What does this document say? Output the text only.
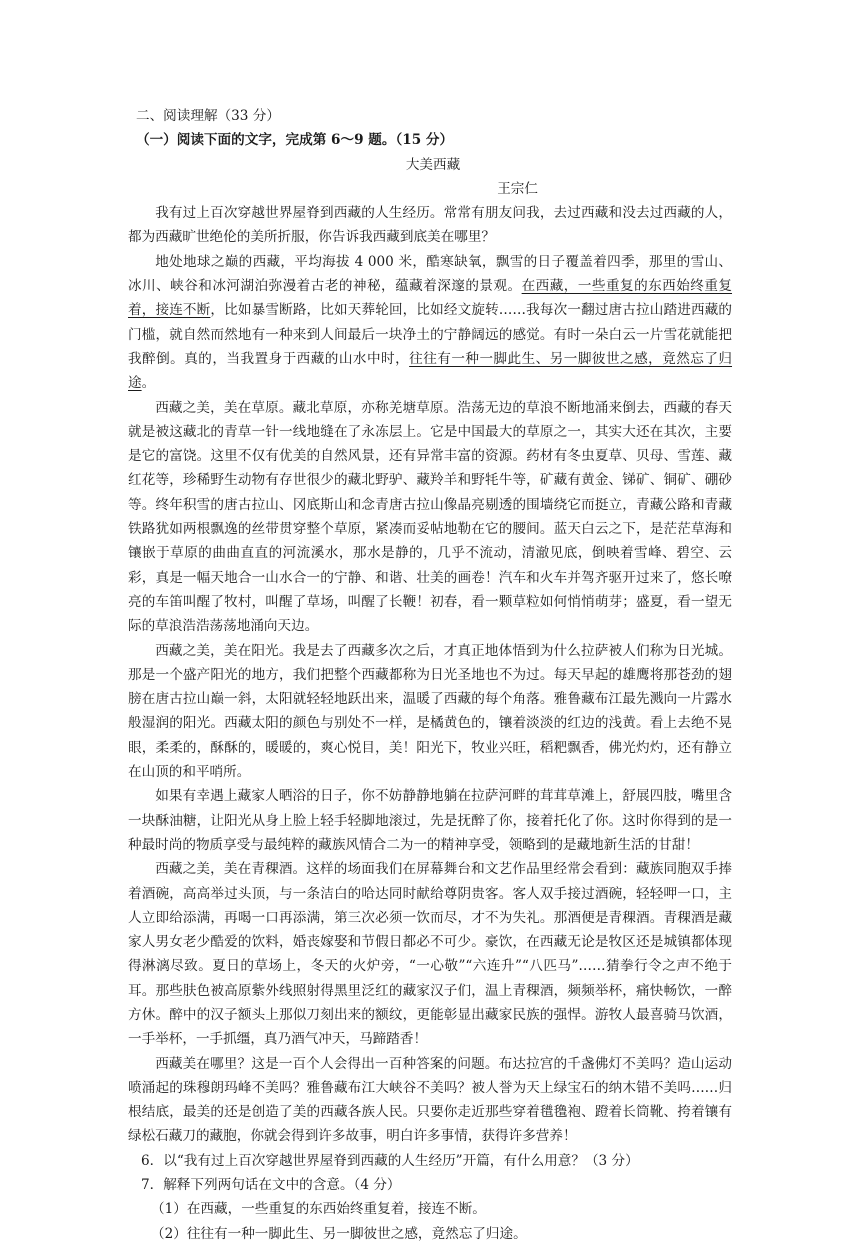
二、阅读理解（33 分）

（一）阅读下面的文字，完成第 6～9 题。（15 分）

大美西藏

王宗仁

我有过上百次穿越世界屋脊到西藏的人生经历。常常有朋友问我，去过西藏和没去过西藏的人，都为西藏旷世绝伦的美所折服，你告诉我西藏到底美在哪里？

地处地球之巅的西藏，平均海拔 4 000 米，酷寒缺氧，飘雪的日子覆盖着四季，那里的雪山、冰川、峡谷和冰河湖泊弥漫着古老的神秘，蕴藏着深邃的景观。在西藏，一些重复的东西始终重复着，接连不断，比如暴雪断路，比如天葬轮回，比如经文旋转……我每次一翻过唐古拉山踏进西藏的门槛，就自然而然地有一种来到人间最后一块净土的宁静阔远的感觉。有时一朵白云一片雪花就能把我醉倒。真的，当我置身于西藏的山水中时，往往有一种一脚此生、另一脚彼世之感，竟然忘了归途。

西藏之美，美在草原。藏北草原，亦称羌塘草原。浩荡无边的草浪不断地涌来倒去，西藏的春天就是被这藏北的青草一针一线地缝在了永冻层上。它是中国最大的草原之一，其实大还在其次，主要是它的富饶。这里不仅有优美的自然风景，还有异常丰富的资源。药材有冬虫夏草、贝母、雪莲、藏红花等，珍稀野生动物有存世很少的藏北野驴、藏羚羊和野牦牛等，矿藏有黄金、锑矿、铜矿、硼砂等。终年积雪的唐古拉山、冈底斯山和念青唐古拉山像晶亮剔透的围墙绕它而挺立，青藏公路和青藏铁路犹如两根飘逸的丝带贯穿整个草原，紧凑而妥帖地勒在它的腰间。蓝天白云之下，是茫茫草海和镶嵌于草原的曲曲直直的河流溪水，那水是静的，几乎不流动，清澈见底，倒映着雪峰、碧空、云彩，真是一幅天地合一山水合一的宁静、和谐、壮美的画卷！汽车和火车并驾齐驱开过来了，悠长嘹亮的车笛叫醒了牧村，叫醒了草场，叫醒了长鞭！初春，看一颗草粒如何悄悄萌芽；盛夏，看一望无际的草浪浩浩荡荡地涌向天边。

西藏之美，美在阳光。我是去了西藏多次之后，才真正地体悟到为什么拉萨被人们称为日光城。那是一个盛产阳光的地方，我们把整个西藏都称为日光圣地也不为过。每天早起的雄鹰将那苍劲的翅膀在唐古拉山巅一斜，太阳就轻轻地跃出来，温暖了西藏的每个角落。雅鲁藏布江最先溅向一片露水般湿润的阳光。西藏太阳的颜色与别处不一样，是橘黄色的，镶着淡淡的红边的浅黄。看上去绝不晃眼，柔柔的，酥酥的，暖暖的，爽心悦目，美！阳光下，牧业兴旺，稻粑飘香，佛光灼灼，还有静立在山顶的和平哨所。

如果有幸遇上藏家人晒浴的日子，你不妨静静地躺在拉萨河畔的茸茸草滩上，舒展四肢，嘴里含一块酥油糖，让阳光从身上脸上轻手轻脚地滚过，先是抚醉了你，接着托化了你。这时你得到的是一种最时尚的物质享受与最纯粹的藏族风情合二为一的精神享受，领略到的是藏地新生活的甘甜！

西藏之美，美在青稞酒。这样的场面我们在屏幕舞台和文艺作品里经常会看到：藏族同胞双手捧着酒碗，高高举过头顶，与一条洁白的哈达同时献给尊阴贵客。客人双手接过酒碗，轻轻呷一口，主人立即给添满，再喝一口再添满，第三次必须一饮而尽，才不为失礼。那酒便是青稞酒。青稞酒是藏家人男女老少酷爱的饮料，婚丧嫁娶和节假日都必不可少。豪饮，在西藏无论是牧区还是城镇都体现得淋漓尽致。夏日的草场上，冬天的火炉旁，“一心敬”“六连升”“八匹马”……猜拳行令之声不绝于耳。那些肤色被高原紫外线照射得黑里泛红的藏家汉子们，温上青稞酒，频频举杯，痛快畅饮，一醉方休。醉中的汉子额头上那似刀刻出来的额纹，更能彰显出藏家民族的强悍。游牧人最喜骑马饮酒，一手举杯，一手抓缰，真乃酒气冲天，马蹄踏香！

西藏美在哪里？这是一百个人会得出一百种答案的问题。布达拉宫的千盏佛灯不美吗？造山运动喷涌起的珠穆朗玛峰不美吗？雅鲁藏布江大峡谷不美吗？被人誉为天上绿宝石的纳木错不美吗……归根结底，最美的还是创造了美的西藏各族人民。只要你走近那些穿着氆氇袍、蹬着长筒靴、挎着镶有绿松石藏刀的藏胞，你就会得到许多故事，明白许多事情，获得许多营养！

6．以“我有过上百次穿越世界屋脊到西藏的人生经历”开篇，有什么用意？（3 分）

7．解释下列两句话在文中的含意。（4 分）

（1）在西藏，一些重复的东西始终重复着，接连不断。

（2）往往有一种一脚此生、另一脚彼世之感，竟然忘了归途。
